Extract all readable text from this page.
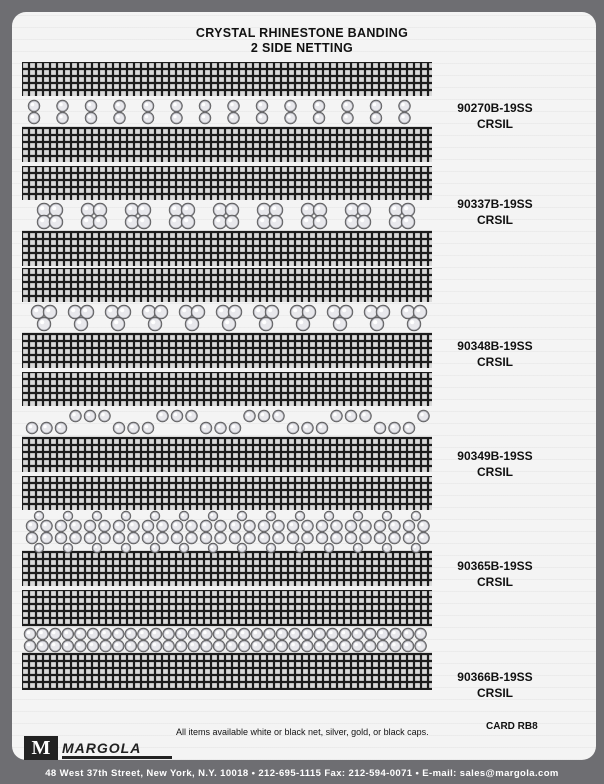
CRYSTAL RHINESTONE BANDING
2 SIDE NETTING
90270B-19SS
CRSIL
90337B-19SS
CRSIL
90348B-19SS
CRSIL
90349B-19SS
CRSIL
90365B-19SS
CRSIL
90366B-19SS
CRSIL
All items available white or black net, silver, gold, or black caps.	CARD RB8
M MARGOLA
48 West 37th Street, New York, N.Y. 10018 • 212-695-1115 Fax: 212-594-0071 • E-mail: sales@margola.com
